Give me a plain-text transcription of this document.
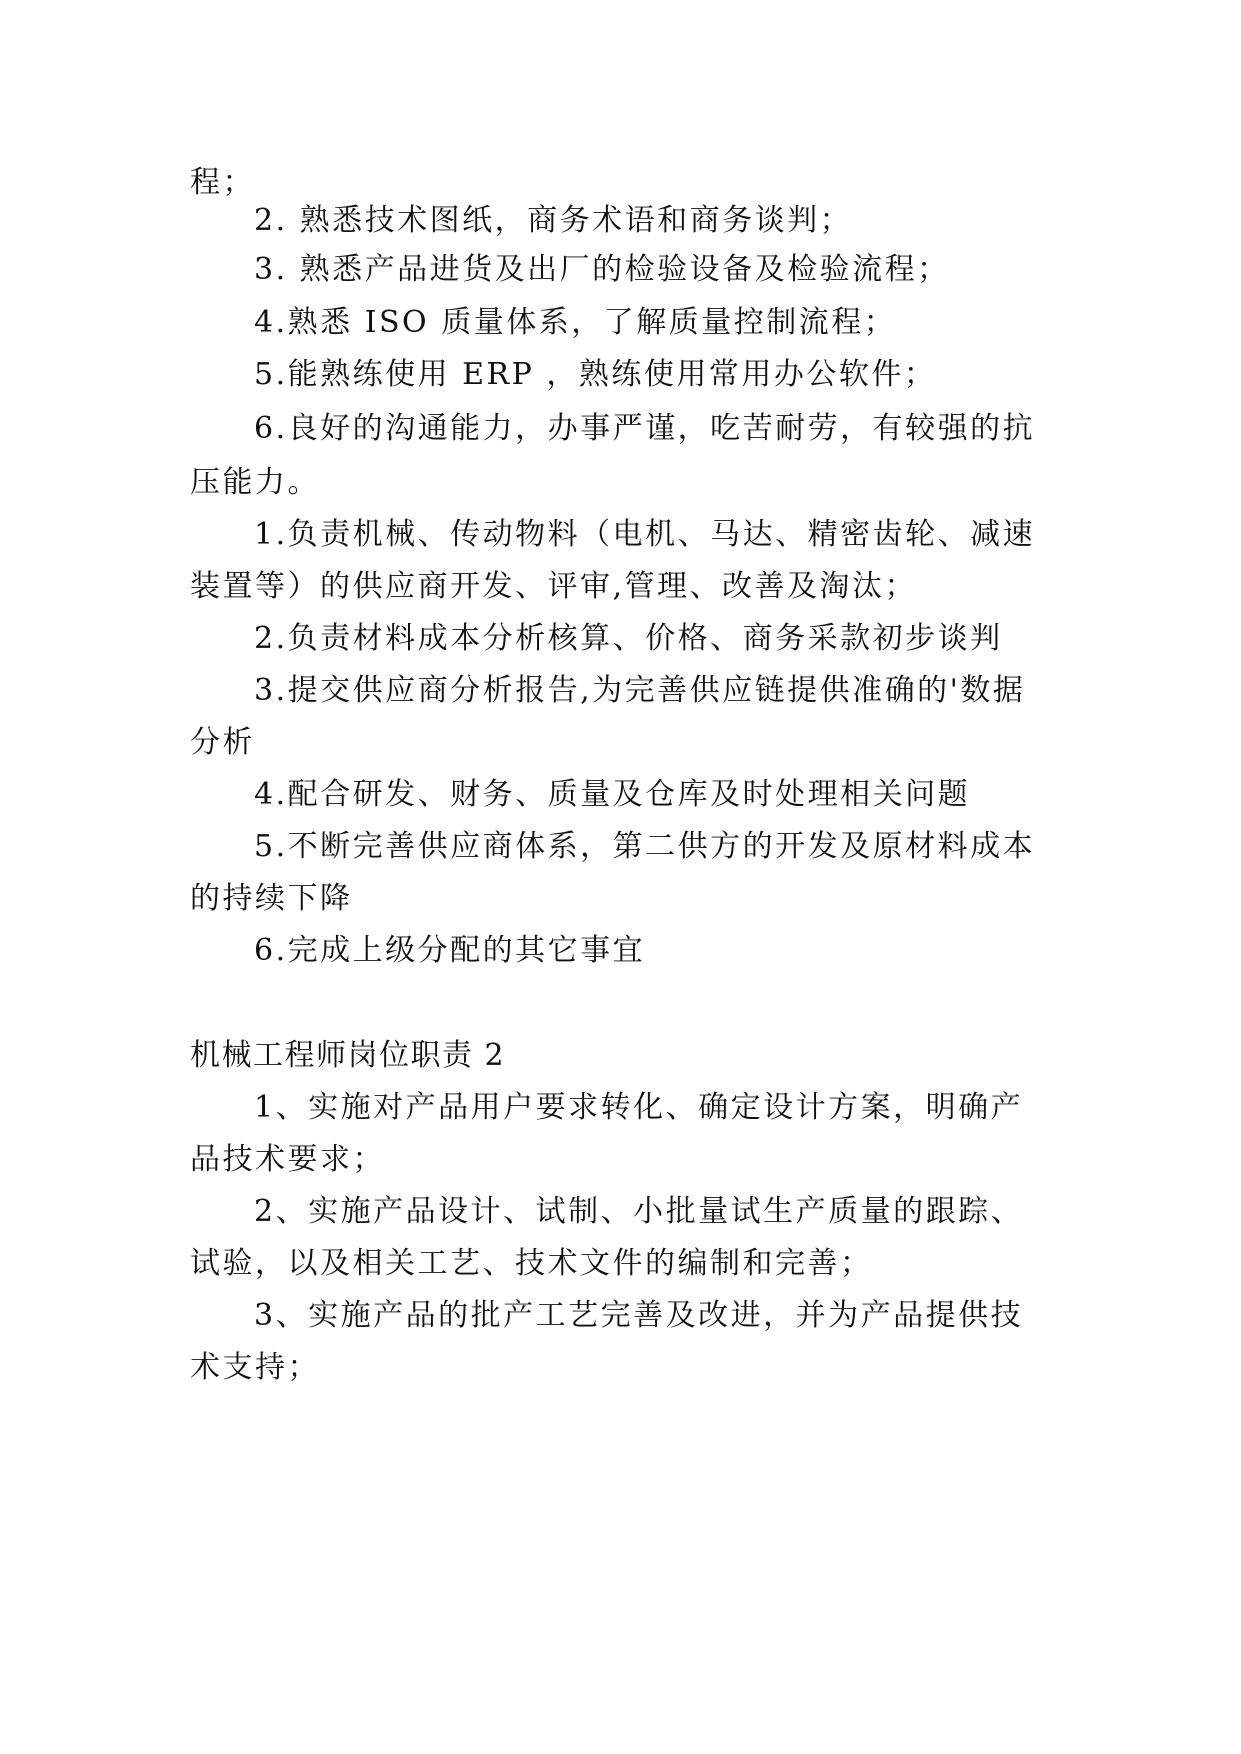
程；
2. 熟悉技术图纸，商务术语和商务谈判；
3. 熟悉产品进货及出厂的检验设备及检验流程；
4.熟悉 ISO 质量体系，了解质量控制流程；
5.能熟练使用 ERP ，熟练使用常用办公软件；
6.良好的沟通能力，办事严谨，吃苦耐劳，有较强的抗
压能力。
1.负责机械、传动物料（电机、马达、精密齿轮、减速
装置等）的供应商开发、评审,管理、改善及淘汰；
2.负责材料成本分析核算、价格、商务采款初步谈判
3.提交供应商分析报告,为完善供应链提供准确的'数据
分析
4.配合研发、财务、质量及仓库及时处理相关问题
5.不断完善供应商体系，第二供方的开发及原材料成本
的持续下降
6.完成上级分配的其它事宜
机械工程师岗位职责 2
1、实施对产品用户要求转化、确定设计方案，明确产
品技术要求；
2、实施产品设计、试制、小批量试生产质量的跟踪、
试验，以及相关工艺、技术文件的编制和完善；
3、实施产品的批产工艺完善及改进，并为产品提供技
术支持；
